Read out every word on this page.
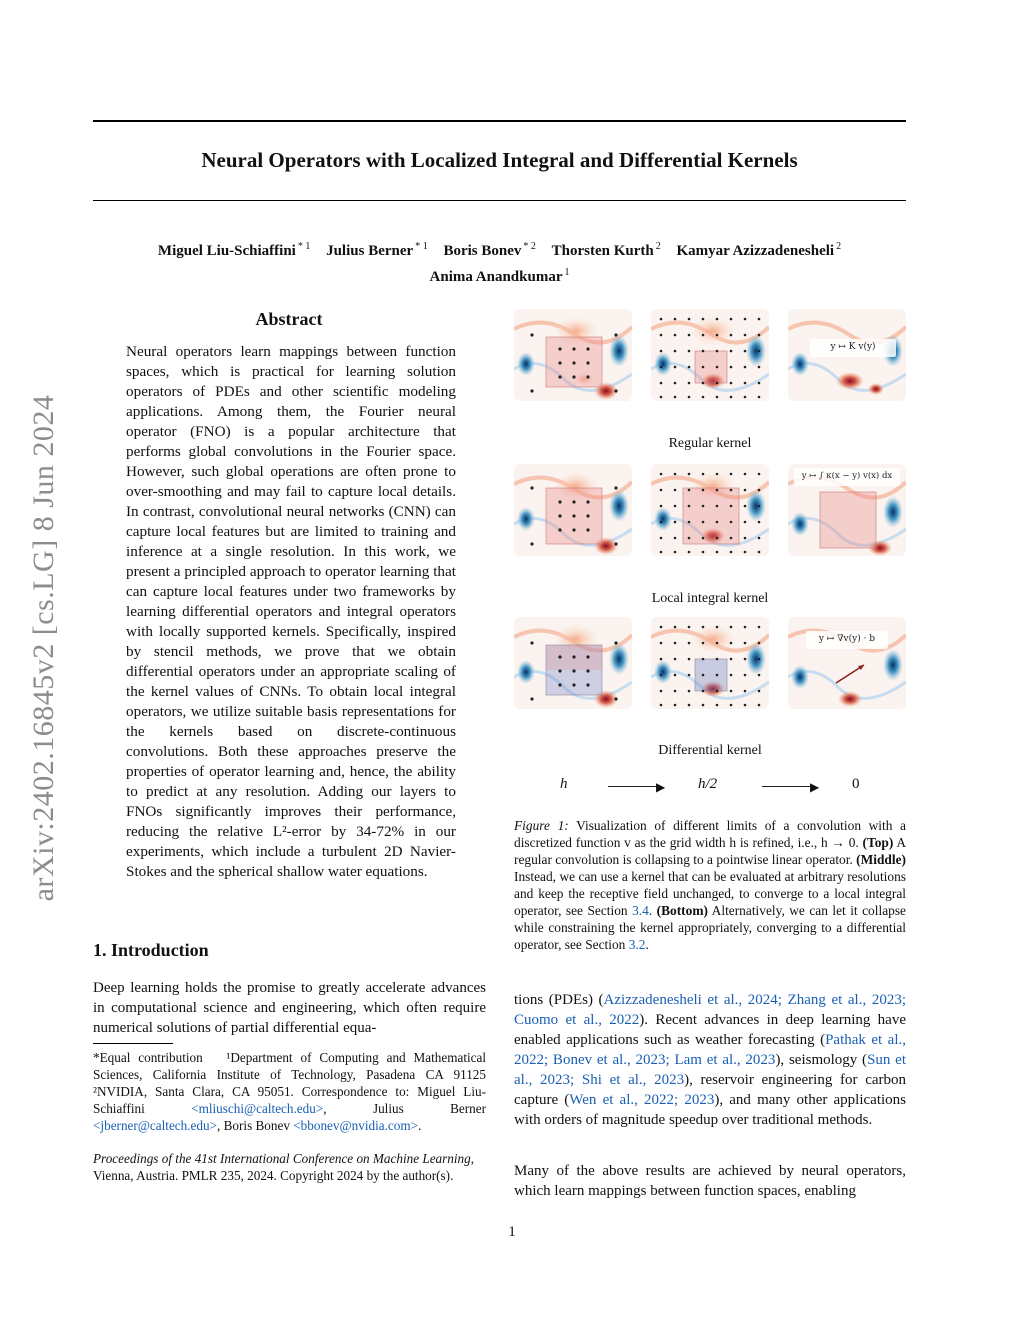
Neural Operators with Localized Integral and Differential Kernels
Miguel Liu-Schiaffini $^{* 1}$ Julius Berner $^{* 1}$ Boris Bonev $^{* 2}$ Thorsten Kurth $^2$ Kamyar Azizzadenesheli $^2$
Anima Anandkumar $^1$
arXiv:2402.16845v2 [cs.LG] 8 Jun 2024
Abstract
Neural operators learn mappings between function spaces, which is practical for learning solution operators of PDEs and other scientific modeling applications. Among them, the Fourier neural operator (FNO) is a popular architecture that performs global convolutions in the Fourier space. However, such global operations are often prone to over-smoothing and may fail to capture local details. In contrast, convolutional neural networks (CNN) can capture local features but are limited to training and inference at a single resolution. In this work, we present a principled approach to operator learning that can capture local features under two frameworks by learning differential operators and integral operators with locally supported kernels. Specifically, inspired by stencil methods, we prove that we obtain differential operators under an appropriate scaling of the kernel values of CNNs. To obtain local integral operators, we utilize suitable basis representations for the kernels based on discrete-continuous convolutions. Both these approaches preserve the properties of operator learning and, hence, the ability to predict at any resolution. Adding our layers to FNOs significantly improves their performance, reducing the relative L²-error by 34-72% in our experiments, which include a turbulent 2D Navier-Stokes and the spherical shallow water equations.
1. Introduction
Deep learning holds the promise to greatly accelerate advances in computational science and engineering, which often require numerical solutions of partial differential equa-
*Equal contribution ¹Department of Computing and Mathematical Sciences, California Institute of Technology, Pasadena CA 91125 ²NVIDIA, Santa Clara, CA 95051. Correspondence to: Miguel Liu-Schiaffini	<mliuschi@caltech.edu>, Julius Berner <jberner@caltech.edu>, Boris Bonev <bbonev@nvidia.com>.
Proceedings of the 41st International Conference on Machine Learning, Vienna, Austria. PMLR 235, 2024. Copyright 2024 by the author(s).
y ↦ K v(y)
Regular kernel
y ↦ ∫ κ(x − y) v(x) dx
Local integral kernel
y ↦ ∇v(y) · b
Differential kernel
h	▶ h/2	▶ 0
Figure 1: Visualization of different limits of a convolution with a discretized function v as the grid width h is refined, i.e., h → 0. (Top) A regular convolution is collapsing to a pointwise linear operator. (Middle) Instead, we can use a kernel that can be evaluated at arbitrary resolutions and keep the receptive field unchanged, to converge to a local integral operator, see Section 3.4. (Bottom) Alternatively, we can let it collapse while constraining the kernel appropriately, converging to a differential operator, see Section 3.2.
tions (PDEs) (Azizzadenesheli et al., 2024; Zhang et al., 2023; Cuomo et al., 2022). Recent advances in deep learning have enabled applications such as weather forecasting (Pathak et al., 2022; Bonev et al., 2023; Lam et al., 2023), seismology (Sun et al., 2023; Shi et al., 2023), reservoir engineering for carbon capture (Wen et al., 2022; 2023), and many other applications with orders of magnitude speedup over traditional methods.
Many of the above results are achieved by neural operators, which learn mappings between function spaces, enabling
1
